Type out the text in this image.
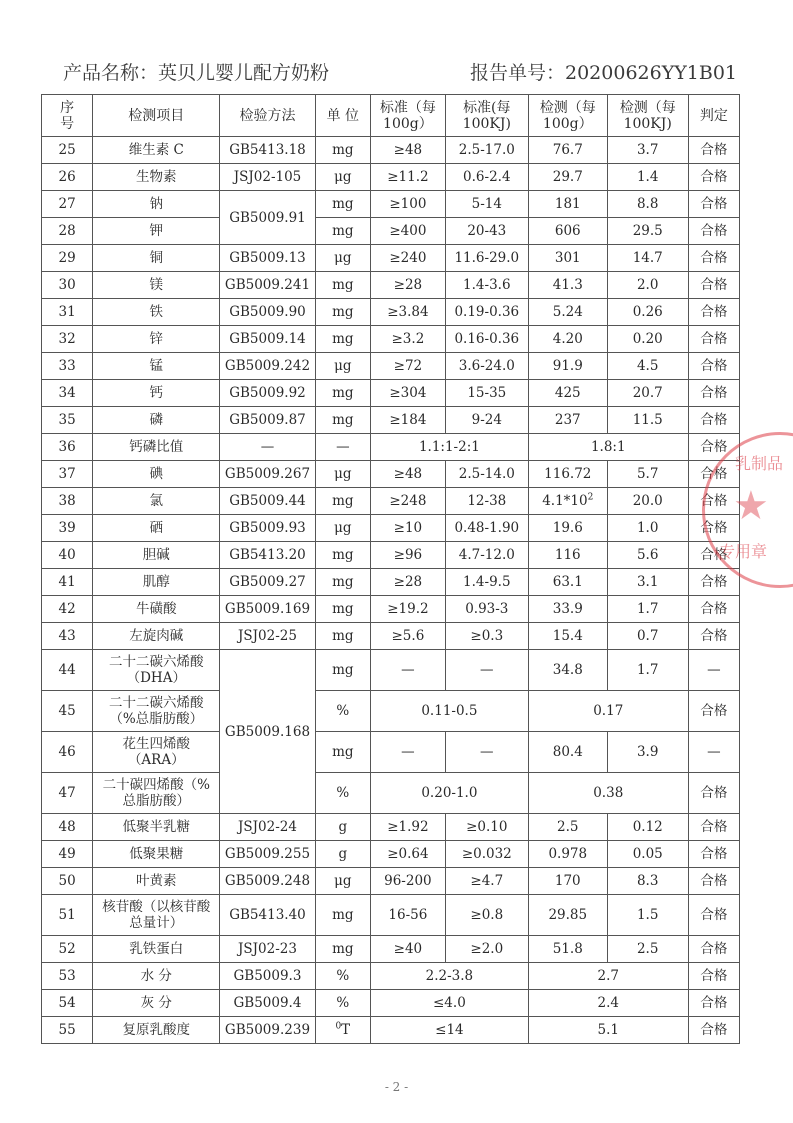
产品名称：英贝儿婴儿配方奶粉	报告单号：20200626YY1B01
序
号	检测项目	检验方法	单 位	标准（每
100g）	标准(每
100KJ)	检测（每
100g）	检测（每
100KJ)	判定
25	维生素 C	GB5413.18	mg	≥48	2.5-17.0	76.7	3.7	合格
26	生物素	JSJ02-105	μg	≥11.2	0.6-2.4	29.7	1.4	合格
27	钠	GB5009.91	mg	≥100	5-14	181	8.8	合格
28	钾		mg	≥400	20-43	606	29.5	合格
29	铜	GB5009.13	μg	≥240	11.6-29.0	301	14.7	合格
30	镁	GB5009.241	mg	≥28	1.4-3.6	41.3	2.0	合格
31	铁	GB5009.90	mg	≥3.84	0.19-0.36	5.24	0.26	合格
32	锌	GB5009.14	mg	≥3.2	0.16-0.36	4.20	0.20	合格
33	锰	GB5009.242	μg	≥72	3.6-24.0	91.9	4.5	合格
34	钙	GB5009.92	mg	≥304	15-35	425	20.7	合格
35	磷	GB5009.87	mg	≥184	9-24	237	11.5	合格
36	钙磷比值	—	—	1.1:1-2:1		1.8:1		合格
37	碘	GB5009.267	μg	≥48	2.5-14.0	116.72	5.7	合格
38	氯	GB5009.44	mg	≥248	12-38	$4.1*10^2$	20.0	合格
39	硒	GB5009.93	μg	≥10	0.48-1.90	19.6	1.0	合格
40	胆碱	GB5413.20	mg	≥96	4.7-12.0	116	5.6	合格
41	肌醇	GB5009.27	mg	≥28	1.4-9.5	63.1	3.1	合格
42	牛磺酸	GB5009.169	mg	≥19.2	0.93-3	33.9	1.7	合格
43	左旋肉碱	JSJ02-25	mg	≥5.6	≥0.3	15.4	0.7	合格
44	二十二碳六烯酸
（DHA）	GB5009.168	mg	—	—	34.8	1.7	—
45	二十二碳六烯酸
（%总脂肪酸）		%	0.11-0.5		0.17		合格
46	花生四烯酸
（ARA）		mg	—	—	80.4	3.9	—
47	二十碳四烯酸（%
总脂肪酸）		%	0.20-1.0		0.38		合格
48	低聚半乳糖	JSJ02-24	g	≥1.92	≥0.10	2.5	0.12	合格
49	低聚果糖	GB5009.255	g	≥0.64	≥0.032	0.978	0.05	合格
50	叶黄素	GB5009.248	μg	96-200	≥4.7	170	8.3	合格
51	核苷酸（以核苷酸
总量计）	GB5413.40	mg	16-56	≥0.8	29.85	1.5	合格
52	乳铁蛋白	JSJ02-23	mg	≥40	≥2.0	51.8	2.5	合格
53	水 分	GB5009.3	%	2.2-3.8		2.7		合格
54	灰 分	GB5009.4	%	≤4.0		2.4		合格
55	复原乳酸度	GB5009.239	$^0$T	≤14		5.1		合格
乳制品
★
专用章
- 2 -
